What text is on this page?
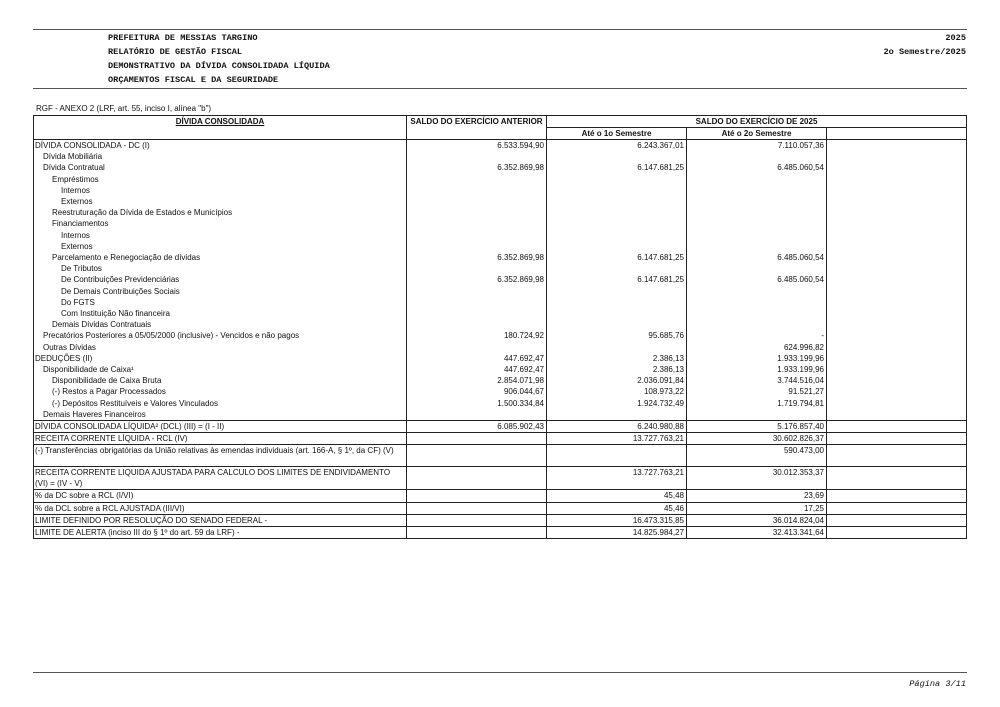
PREFEITURA DE MESSIAS TARGINO
RELATÓRIO DE GESTÃO FISCAL
DEMONSTRATIVO DA DÍVIDA CONSOLIDADA LÍQUIDA
ORÇAMENTOS FISCAL E DA SEGURIDADE
2025
2o Semestre/2025
RGF - ANEXO 2 (LRF, art. 55, inciso I, alínea "b")
DÍVIDA CONSOLIDADA	SALDO DO EXERCÍCIO ANTERIOR	SALDO DO EXERCÍCIO DE 2025		
		Até o 1o Semestre	Até o 2o Semestre	
DÍVIDA CONSOLIDADA - DC (I)	6.533.594,90	6.243.367,01	7.110.057,36	
Dívida Mobiliária				
Dívida Contratual	6.352.869,98	6.147.681,25	6.485.060,54	
Empréstimos				
Internos				
Externos				
Reestruturação da Dívida de Estados e Municípios				
Financiamentos				
Internos				
Externos				
Parcelamento e Renegociação de dívidas	6.352.869,98	6.147.681,25	6.485.060,54	
De Tributos				
De Contribuições Previdenciárias	6.352.869,98	6.147.681,25	6.485.060,54	
De Demais Contribuições Sociais				
Do FGTS				
Com Instituição Não financeira				
Demais Dívidas Contratuais				
Precatórios Posteriores a 05/05/2000 (inclusive) - Vencidos e não pagos	180.724,92	95.685,76	-	
Outras Dívidas			624.996,82	
DEDUÇÕES (II)	447.692,47	2.386,13	1.933.199,96	
Disponibilidade de Caixa¹	447.692,47	2.386,13	1.933.199,96	
Disponibilidade de Caixa Bruta	2.854.071,98	2.036.091,84	3.744.516,04	
(-) Restos a Pagar Processados	906.044,67	108.973,22	91.521,27	
(-) Depósitos Restituíveis e Valores Vinculados	1.500.334,84	1.924.732,49	1.719.794,81	
Demais Haveres Financeiros				
DÍVIDA CONSOLIDADA LÍQUIDA² (DCL) (III) = (I - II)	6.085.902,43	6.240.980,88	5.176.857,40	
RECEITA CORRENTE LÍQUIDA - RCL (IV)		13.727.763,21	30.602.826,37	
(-) Transferências obrigatórias da União relativas às emendas individuais (art. 166-A, § 1º, da CF) (V)			590.473,00	
RECEITA CORRENTE LIQUIDA AJUSTADA PARA CALCULO DOS LIMITES DE ENDIVIDAMENTO (VI) = (IV - V)		13.727.763,21	30.012.353,37	
% da DC sobre a RCL (I/VI)		45,48	23,69	
% da DCL sobre a RCL AJUSTADA (III/VI)		45,46	17,25	
LIMITE DEFINIDO POR RESOLUÇÃO DO SENADO FEDERAL -		16.473.315,85	36.014.824,04	
LIMITE DE ALERTA (inciso III do § 1º do art. 59 da LRF) -		14.825.984,27	32.413.341,64	
Página 3/11
